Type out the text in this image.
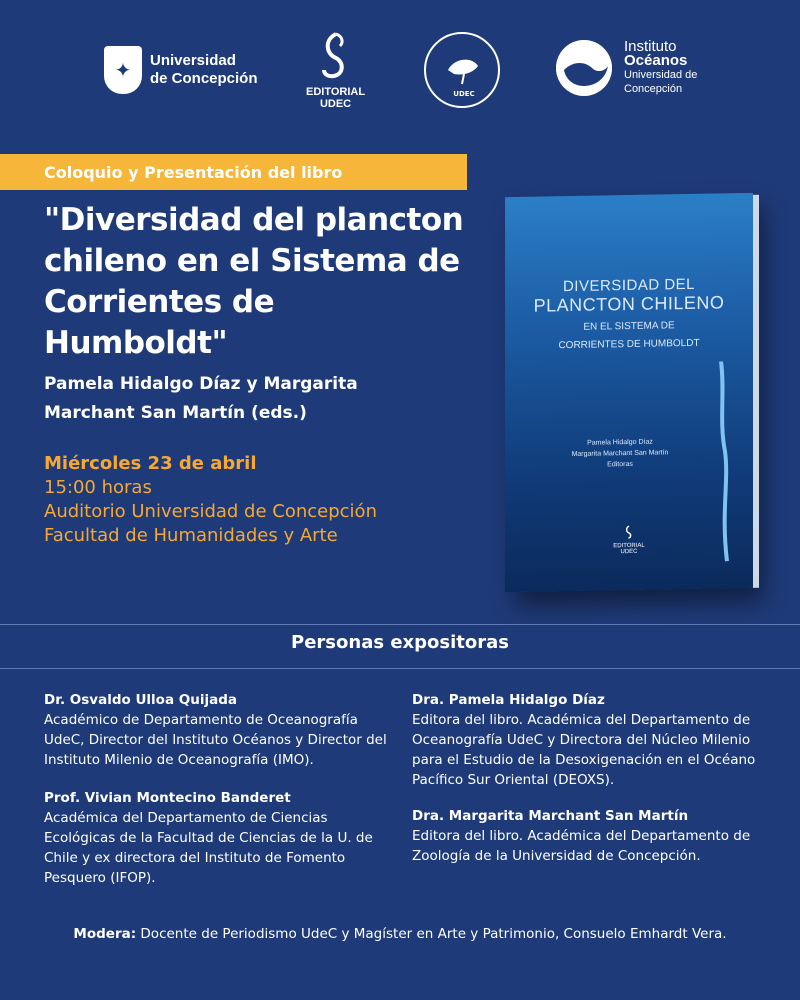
✦	Universidad
de Concepción
EDITORIAL
UDEC
UDEC
Instituto
Océanos
Universidad de
Concepción
Coloquio y Presentación del libro
"Diversidad del plancton chileno en el Sistema de Corrientes de Humboldt"
Pamela Hidalgo Díaz y Margarita Marchant San Martín (eds.)
Miércoles 23 de abril
15:00 horas
Auditorio Universidad de Concepción
Facultad de Humanidades y Arte
DIVERSIDAD DEL
PLANCTON CHILENO
EN EL SISTEMA DE
CORRIENTES DE HUMBOLDT
Pamela Hidalgo Díaz
Margarita Marchant San Martín
Editoras
EDITORIAL
UDEC
Personas expositoras
Dr. Osvaldo Ulloa Quijada
Académico de Departamento de Oceanografía UdeC, Director del Instituto Océanos y Director del Instituto Milenio de Oceanografía (IMO).
Prof. Vivian Montecino Banderet
Académica del Departamento de Ciencias Ecológicas de la Facultad de Ciencias de la U. de Chile y ex directora del Instituto de Fomento Pesquero (IFOP).
Dra. Pamela Hidalgo Díaz
Editora del libro. Académica del Departamento de Oceanografía UdeC y Directora del Núcleo Milenio para el Estudio de la Desoxigenación en el Océano Pacífico Sur Oriental (DEOXS).
Dra. Margarita Marchant San Martín
Editora del libro. Académica del Departamento de Zoología de la Universidad de Concepción.
Modera: Docente de Periodismo UdeC y Magíster en Arte y Patrimonio, Consuelo Emhardt Vera.
